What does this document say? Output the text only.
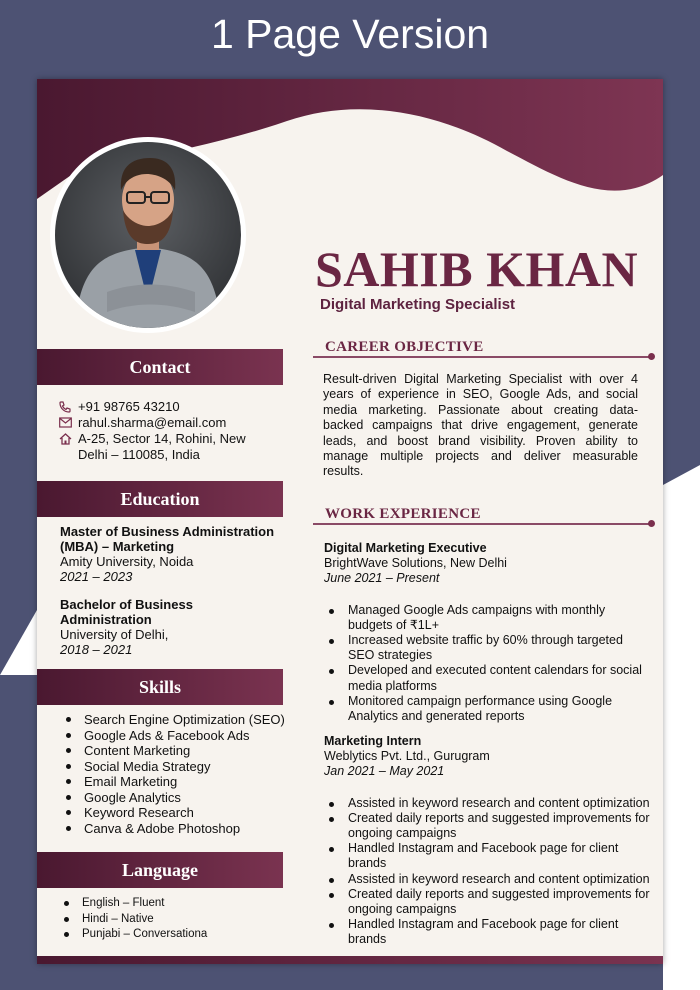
1 Page Version
SAHIB KHAN
Digital Marketing Specialist
Contact
+91 98765 43210
rahul.sharma@email.com
A-25, Sector 14, Rohini, New
Delhi – 110085, India
Education
Master of Business Administration
(MBA) – Marketing
Amity University, Noida
2021 – 2023
Bachelor of Business
Administration
University of Delhi,
2018 – 2021
Skills
Search Engine Optimization (SEO)
Google Ads & Facebook Ads
Content Marketing
Social Media Strategy
Email Marketing
Google Analytics
Keyword Research
Canva & Adobe Photoshop
Language
English – Fluent
Hindi – Native
Punjabi – Conversationa
CAREER OBJECTIVE
Result-driven Digital Marketing Specialist with over 4 years of experience in SEO, Google Ads, and social media marketing. Passionate about creating data-backed campaigns that drive engagement, generate leads, and boost brand visibility. Proven ability to manage multiple projects and deliver measurable results.
WORK EXPERIENCE
Digital Marketing Executive
BrightWave Solutions, New Delhi
June 2021 – Present
Managed Google Ads campaigns with monthly budgets of ₹1L+
Increased website traffic by 60% through targeted SEO strategies
Developed and executed content calendars for social media platforms
Monitored campaign performance using Google Analytics and generated reports
Marketing Intern
Weblytics Pvt. Ltd., Gurugram
Jan 2021 – May 2021
Assisted in keyword research and content optimization
Created daily reports and suggested improvements for ongoing campaigns
Handled Instagram and Facebook page for client brands
Assisted in keyword research and content optimization
Created daily reports and suggested improvements for ongoing campaigns
Handled Instagram and Facebook page for client brands
